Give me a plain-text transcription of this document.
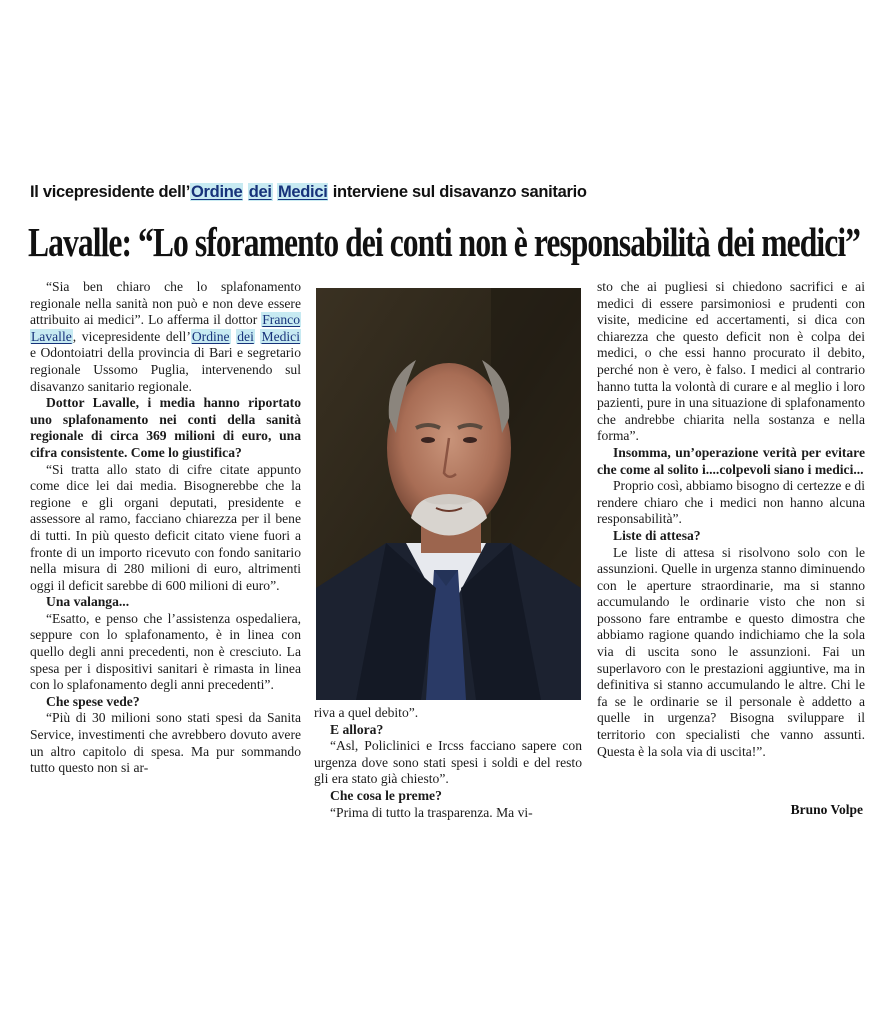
Il vicepresidente dell’Ordine dei Medici interviene sul disavanzo sanitario
Lavalle: “Lo sforamento dei conti non è responsabilità dei medici”

“Sia ben chiaro che lo splafonamento regionale nella sanità non può e non deve essere attribuito ai medici”. Lo afferma il dottor Franco Lavalle, vicepresidente dell’Ordine dei Medici e Odontoiatri della provincia di Bari e segretario regionale Ussomo Puglia, intervenendo sul disavanzo sanitario regionale.

Dottor Lavalle, i media hanno riportato uno splafonamento nei conti della sanità regionale di circa 369 milioni di euro, una cifra consistente. Come lo giustifica?

“Si tratta allo stato di cifre citate appunto come dice lei dai media. Bisognerebbe che la regione e gli organi deputati, presidente e assessore al ramo, facciano chiarezza per il bene di tutti. In più questo deficit citato viene fuori a fronte di un importo ricevuto con fondo sanitario nella misura di 280 milioni di euro, altrimenti oggi il deficit sarebbe di 600 milioni di euro”.

Una valanga...

“Esatto, e penso che l’assistenza ospedaliera, seppure con lo splafonamento, è in linea con quello degli anni precedenti, non è cresciuto. La spesa per i dispositivi sanitari è rimasta in linea con lo splafonamento degli anni precedenti”.

Che spese vede?

“Più di 30 milioni sono stati spesi da Sanita Service, investimenti che avrebbero dovuto avere un altro capitolo di spesa. Ma pur sommando tutto questo non si ar-

riva a quel debito”.

E allora?

“Asl, Policlinici e Ircss facciano sapere con urgenza dove sono stati spesi i soldi e del resto gli era stato già chiesto”.

Che cosa le preme?

“Prima di tutto la trasparenza. Ma vi-

sto che ai pugliesi si chiedono sacrifici e ai medici di essere parsimoniosi e prudenti con visite, medicine ed accertamenti, si dica con chiarezza che questo deficit non è colpa dei medici, o che essi hanno procurato il debito, perché non è vero, è falso. I medici al contrario hanno tutta la volontà di curare e al meglio i loro pazienti, pure in una situazione di splafonamento che andrebbe chiarita nella sostanza e nella forma”.

Insomma, un’operazione verità per evitare che come al solito i....colpevoli siano i medici...

Proprio così, abbiamo bisogno di certezze e di rendere chiaro che i medici non hanno alcuna responsabilità”.

Liste di attesa?

Le liste di attesa si risolvono solo con le assunzioni. Quelle in urgenza stanno diminuendo con le aperture straordinarie, ma si stanno accumulando le ordinarie visto che non si possono fare entrambe e questo dimostra che abbiamo ragione quando indichiamo che la sola via di uscita sono le assunzioni. Fai un superlavoro con le prestazioni aggiuntive, ma in definitiva si stanno accumulando le altre. Chi le fa se le ordinarie se il personale è addetto a quelle in urgenza? Bisogna sviluppare il territorio con specialisti che vanno assunti. Questa è la sola via di uscita!”.

Bruno Volpe
